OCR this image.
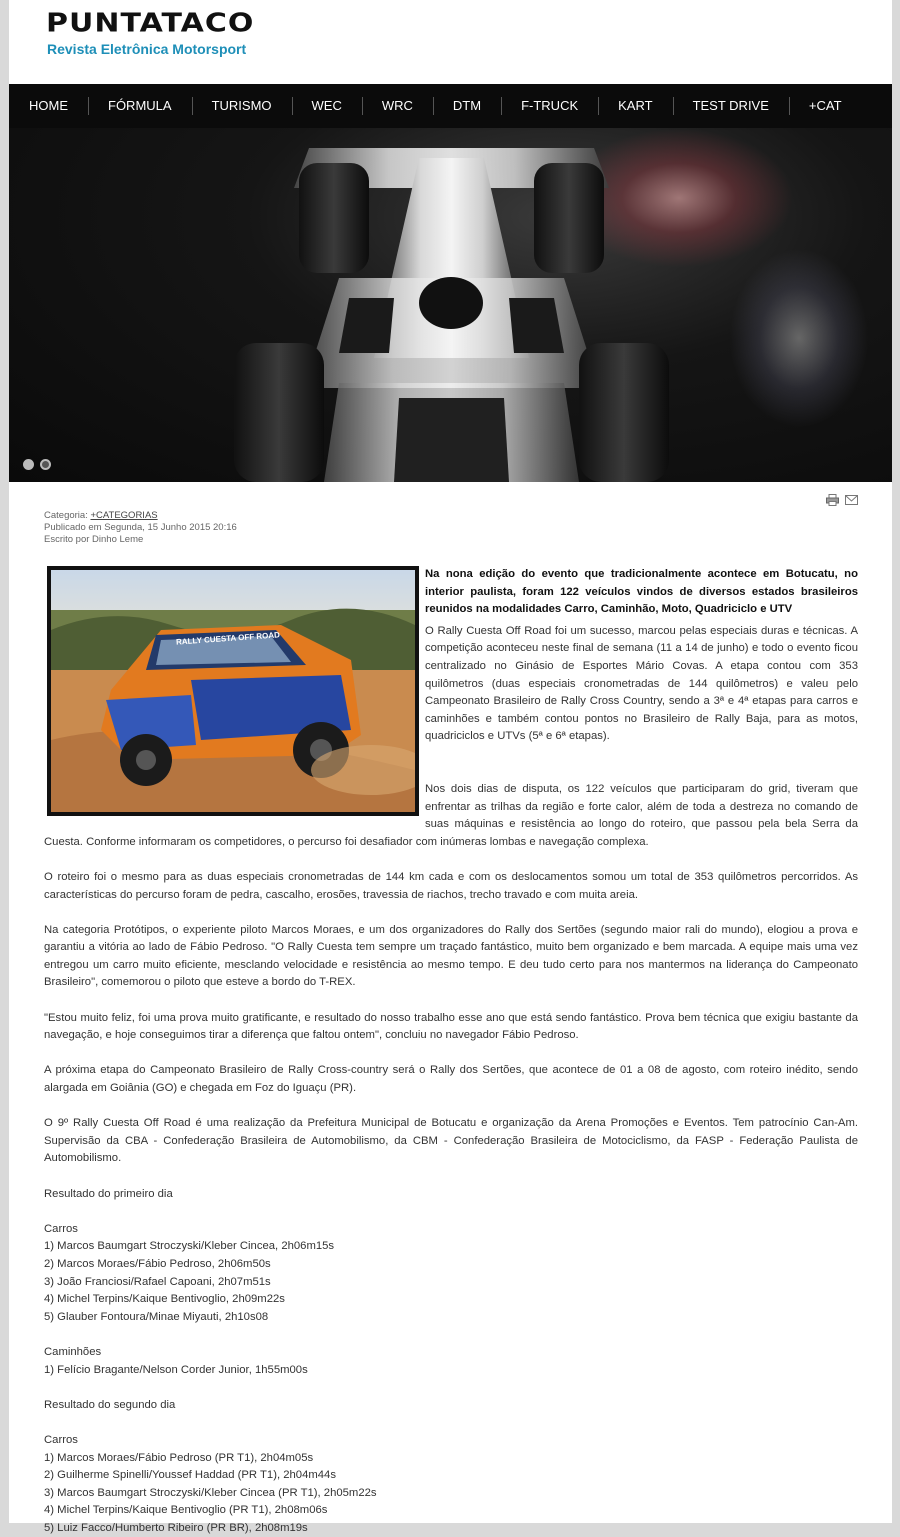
PUNTATACO
Revista Eletrônica Motorsport
HOME	FÓRMULA	TURISMO	WEC	WRC	DTM	F-TRUCK	KART	TEST DRIVE	+CAT
Categoria: +CATEGORIAS
Publicado em Segunda, 15 Junho 2015 20:16
Escrito por Dinho Leme
RALLY CUESTA OFF ROAD

Na nona edição do evento que tradicionalmente acontece em Botucatu, no interior paulista, foram 122 veículos vindos de diversos estados brasileiros reunidos na modalidades Carro, Caminhão, Moto, Quadriciclo e UTV

O Rally Cuesta Off Road foi um sucesso, marcou pelas especiais duras e técnicas. A competição aconteceu neste final de semana (11 a 14 de junho) e todo o evento ficou centralizado no Ginásio de Esportes Mário Covas. A etapa contou com 353 quilômetros (duas especiais cronometradas de 144 quilômetros) e valeu pelo Campeonato Brasileiro de Rally Cross Country, sendo a 3ª e 4ª etapas para carros e caminhões e também contou pontos no Brasileiro de Rally Baja, para as motos, quadriciclos e UTVs (5ª e 6ª etapas).

Nos dois dias de disputa, os 122 veículos que participaram do grid, tiveram que enfrentar as trilhas da região e forte calor, além de toda a destreza no comando de suas máquinas e resistência ao longo do roteiro, que passou pela bela Serra da Cuesta. Conforme informaram os competidores, o percurso foi desafiador com inúmeras lombas e navegação complexa.

O roteiro foi o mesmo para as duas especiais cronometradas de 144 km cada e com os deslocamentos somou um total de 353 quilômetros percorridos. As características do percurso foram de pedra, cascalho, erosões, travessia de riachos, trecho travado e com muita areia.

Na categoria Protótipos, o experiente piloto Marcos Moraes, e um dos organizadores do Rally dos Sertões (segundo maior rali do mundo), elogiou a prova e garantiu a vitória ao lado de Fábio Pedroso. "O Rally Cuesta tem sempre um traçado fantástico, muito bem organizado e bem marcada. A equipe mais uma vez entregou um carro muito eficiente, mesclando velocidade e resistência ao mesmo tempo. E deu tudo certo para nos mantermos na liderança do Campeonato Brasileiro", comemorou o piloto que esteve a bordo do T-REX.

"Estou muito feliz, foi uma prova muito gratificante, e resultado do nosso trabalho esse ano que está sendo fantástico. Prova bem técnica que exigiu bastante da navegação, e hoje conseguimos tirar a diferença que faltou ontem", concluiu no navegador Fábio Pedroso.

A próxima etapa do Campeonato Brasileiro de Rally Cross-country será o Rally dos Sertões, que acontece de 01 a 08 de agosto, com roteiro inédito, sendo alargada em Goiânia (GO) e chegada em Foz do Iguaçu (PR).

O 9º Rally Cuesta Off Road é uma realização da Prefeitura Municipal de Botucatu e organização da Arena Promoções e Eventos. Tem patrocínio Can-Am. Supervisão da CBA - Confederação Brasileira de Automobilismo, da CBM - Confederação Brasileira de Motociclismo, da FASP - Federação Paulista de Automobilismo.

Resultado do primeiro dia

Carros

1) Marcos Baumgart Stroczyski/Kleber Cincea, 2h06m15s
2) Marcos Moraes/Fábio Pedroso, 2h06m50s
3) João Franciosi/Rafael Capoani, 2h07m51s
4) Michel Terpins/Kaique Bentivoglio, 2h09m22s
5) Glauber Fontoura/Minae Miyauti, 2h10s08

Caminhões

1) Felício Bragante/Nelson Corder Junior, 1h55m00s

Resultado do segundo dia

Carros

1) Marcos Moraes/Fábio Pedroso (PR T1), 2h04m05s
2) Guilherme Spinelli/Youssef Haddad (PR T1), 2h04m44s
3) Marcos Baumgart Stroczyski/Kleber Cincea (PR T1), 2h05m22s
4) Michel Terpins/Kaique Bentivoglio (PR T1), 2h08m06s
5) Luiz Facco/Humberto Ribeiro (PR BR), 2h08m19s
